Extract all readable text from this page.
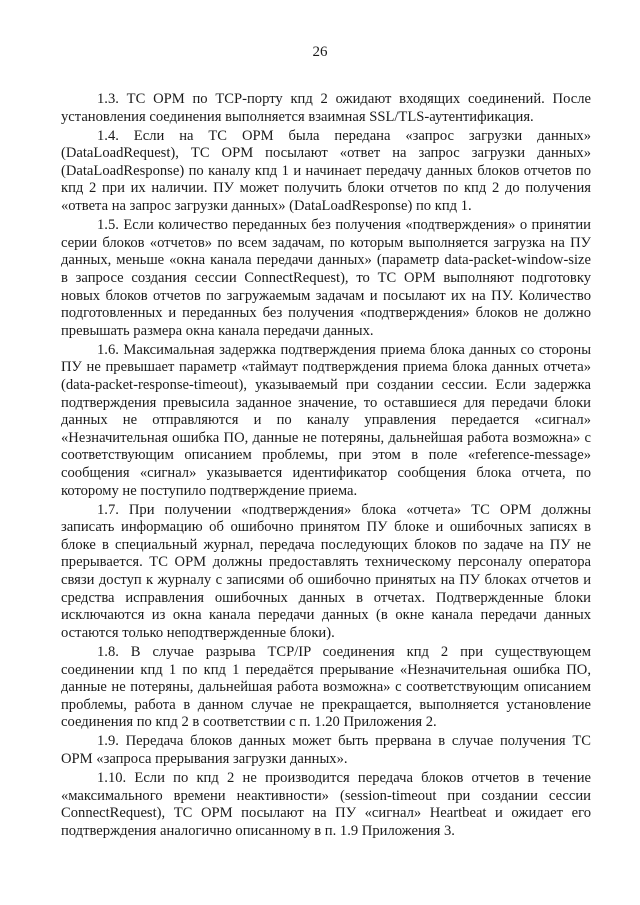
26

1.3. ТС ОРМ по TCP-порту кпд 2 ожидают входящих соединений. После установления соединения выполняется взаимная SSL/TLS-аутентификация.

1.4. Если на ТС ОРМ была передана «запрос загрузки данных» (DataLoadRequest), ТС ОРМ посылают «ответ на запрос загрузки данных» (DataLoadResponse) по каналу кпд 1 и начинает передачу данных блоков отчетов по кпд 2 при их наличии. ПУ может получить блоки отчетов по кпд 2 до получения «ответа на запрос загрузки данных» (DataLoadResponse) по кпд 1.

1.5. Если количество переданных без получения «подтверждения» о принятии серии блоков «отчетов» по всем задачам, по которым выполняется загрузка на ПУ данных, меньше «окна канала передачи данных» (параметр data-packet-window-size в запросе создания сессии ConnectRequest), то ТС ОРМ выполняют подготовку новых блоков отчетов по загружаемым задачам и посылают их на ПУ. Количество подготовленных и переданных без получения «подтверждения» блоков не должно превышать размера окна канала передачи данных.

1.6. Максимальная задержка подтверждения приема блока данных со стороны ПУ не превышает параметр «таймаут подтверждения приема блока данных отчета» (data-packet-response-timeout), указываемый при создании сессии. Если задержка подтверждения превысила заданное значение, то оставшиеся для передачи блоки данных не отправляются и по каналу управления передается «сигнал» «Незначительная ошибка ПО, данные не потеряны, дальнейшая работа возможна» с соответствующим описанием проблемы, при этом в поле «reference-message» сообщения «сигнал» указывается идентификатор сообщения блока отчета, по которому не поступило подтверждение приема.

1.7. При получении «подтверждения» блока «отчета» ТС ОРМ должны записать информацию об ошибочно принятом ПУ блоке и ошибочных записях в блоке в специальный журнал, передача последующих блоков по задаче на ПУ не прерывается. ТС ОРМ должны предоставлять техническому персоналу оператора связи доступ к журналу с записями об ошибочно принятых на ПУ блоках отчетов и средства исправления ошибочных данных в отчетах. Подтвержденные блоки исключаются из окна канала передачи данных (в окне канала передачи данных остаются только неподтвержденные блоки).

1.8. В случае разрыва TCP/IP соединения кпд 2 при существующем соединении кпд 1 по кпд 1 передаётся прерывание «Незначительная ошибка ПО, данные не потеряны, дальнейшая работа возможна» с соответствующим описанием проблемы, работа в данном случае не прекращается, выполняется установление соединения по кпд 2 в соответствии с п. 1.20 Приложения 2.

1.9. Передача блоков данных может быть прервана в случае получения ТС ОРМ «запроса прерывания загрузки данных».

1.10. Если по кпд 2 не производится передача блоков отчетов в течение «максимального времени неактивности» (session-timeout при создании сессии ConnectRequest), ТС ОРМ посылают на ПУ «сигнал» Heartbeat и ожидает его подтверждения аналогично описанному в п. 1.9 Приложения 3.
